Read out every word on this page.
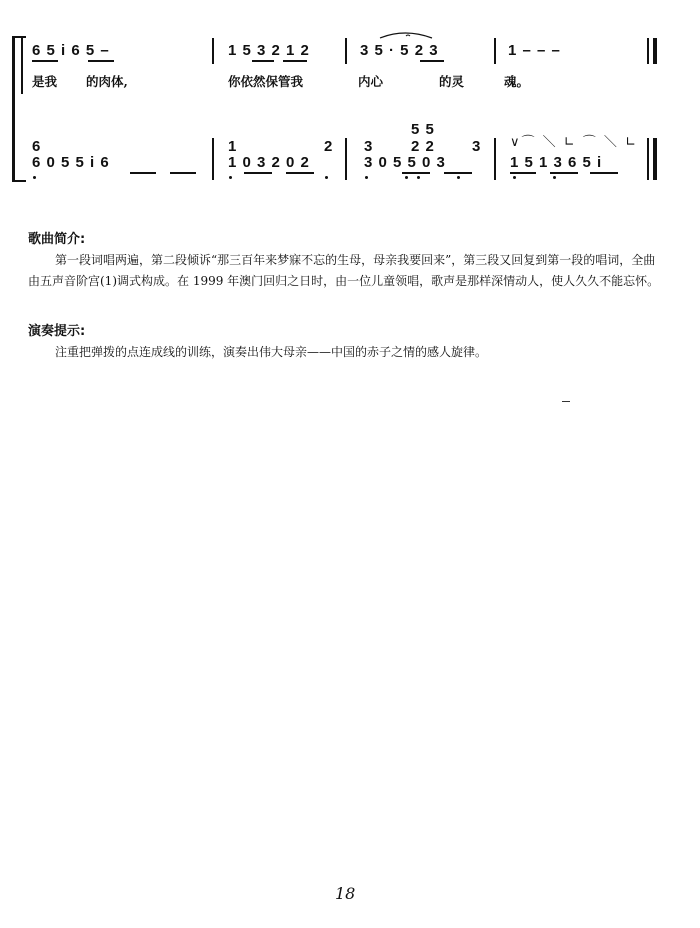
6 5 i 6 5 –	1 5 3 2 1 2	3 5 · 5 2 3	1 – – –
是我 的肉体,	你依然保管我	内心	的灵	魂。
6	1	2 3
5 5
2 2 3 ∨⌒ ＼ ∟ ⌒ ＼ ∟
6 0 5 5 i 6	1 0 3 2 0 2	3 0 5 5 0 3	1 5 1 3 6 5 i
歌曲简介:
第一段词唱两遍，第二段倾诉“那三百年来梦寐不忘的生母，母亲我要回来”，第三段又回复到第一段的唱词，全曲由五声音阶宫(1)调式构成。在 1999 年澳门回归之日时，由一位儿童领唱，歌声是那样深情动人，使人久久不能忘怀。
演奏提示:
注重把弹拨的点连成线的训练，演奏出伟大母亲——中国的赤子之情的感人旋律。
18
